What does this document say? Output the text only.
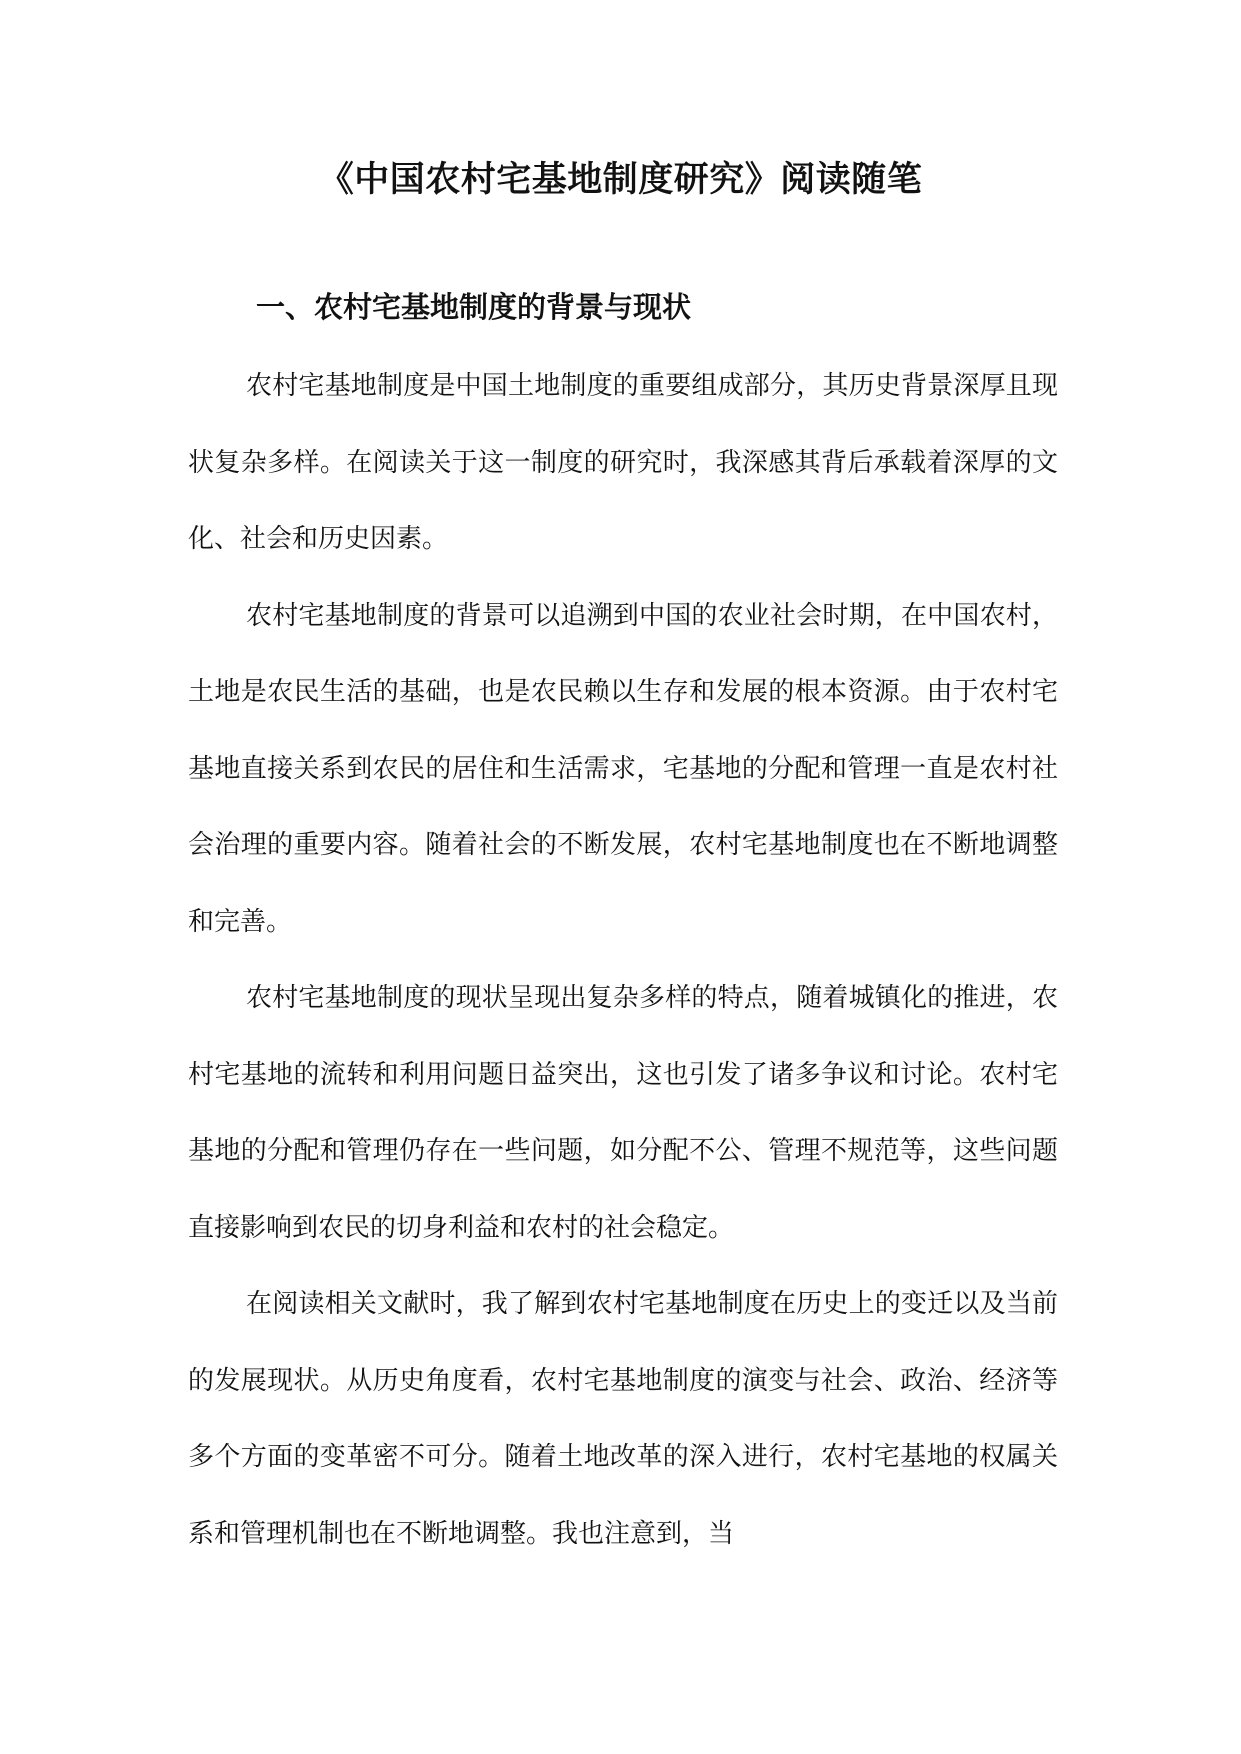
《中国农村宅基地制度研究》阅读随笔
一、农村宅基地制度的背景与现状

农村宅基地制度是中国土地制度的重要组成部分，其历史背景深厚且现状复杂多样。在阅读关于这一制度的研究时，我深感其背后承载着深厚的文化、社会和历史因素。

农村宅基地制度的背景可以追溯到中国的农业社会时期，在中国农村，土地是农民生活的基础，也是农民赖以生存和发展的根本资源。由于农村宅基地直接关系到农民的居住和生活需求，宅基地的分配和管理一直是农村社会治理的重要内容。随着社会的不断发展，农村宅基地制度也在不断地调整和完善。

农村宅基地制度的现状呈现出复杂多样的特点，随着城镇化的推进，农村宅基地的流转和利用问题日益突出，这也引发了诸多争议和讨论。农村宅基地的分配和管理仍存在一些问题，如分配不公、管理不规范等，这些问题直接影响到农民的切身利益和农村的社会稳定。

在阅读相关文献时，我了解到农村宅基地制度在历史上的变迁以及当前的发展现状。从历史角度看，农村宅基地制度的演变与社会、政治、经济等多个方面的变革密不可分。随着土地改革的深入进行，农村宅基地的权属关系和管理机制也在不断地调整。我也注意到，当
